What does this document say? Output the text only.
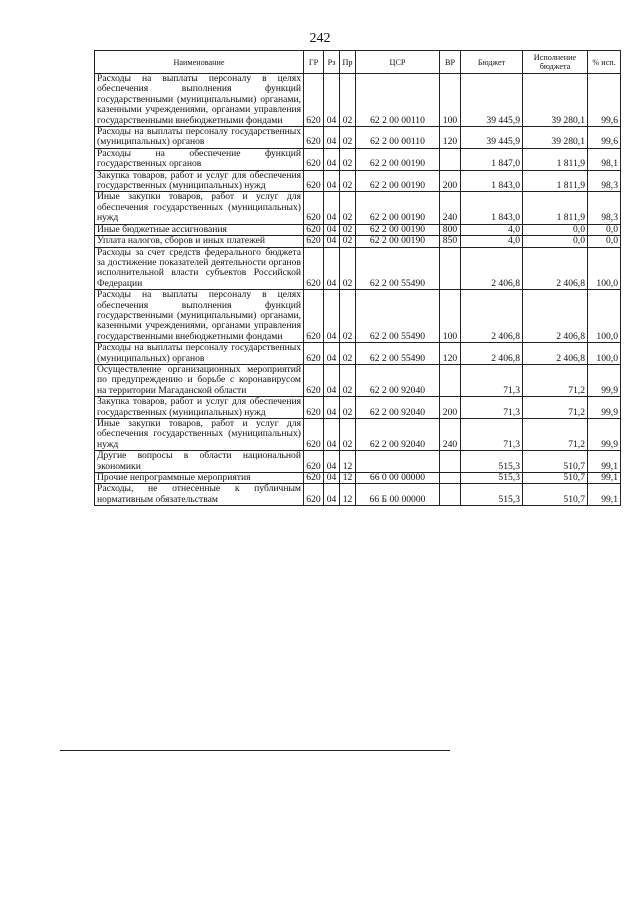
242
Наименование	ГР	Рз	Пр	ЦСР	ВР	Бюджет	Исполнение бюджета	% исп.
Расходы на выплаты персоналу в целях обеспечения выполнения функций государственными (муниципальными) органами, казенными учреждениями, органами управления государственными внебюджетными фондами	620	04	02	62 2 00 00110	100	39 445,9	39 280,1	99,6
Расходы на выплаты персоналу государственных (муниципальных) органов	620	04	02	62 2 00 00110	120	39 445,9	39 280,1	99,6
Расходы на обеспечение функций государственных органов	620	04	02	62 2 00 00190		1 847,0	1 811,9	98,1
Закупка товаров, работ и услуг для обеспечения государственных (муниципальных) нужд	620	04	02	62 2 00 00190	200	1 843,0	1 811,9	98,3
Иные закупки товаров, работ и услуг для обеспечения государственных (муниципальных) нужд	620	04	02	62 2 00 00190	240	1 843,0	1 811,9	98,3
Иные бюджетные ассигнования	620	04	02	62 2 00 00190	800	4,0	0,0	0,0
Уплата налогов, сборов и иных платежей	620	04	02	62 2 00 00190	850	4,0	0,0	0,0
Расходы за счет средств федерального бюджета за достижение показателей деятельности органов исполнительной власти субъектов Российской Федерации	620	04	02	62 2 00 55490		2 406,8	2 406,8	100,0
Расходы на выплаты персоналу в целях обеспечения выполнения функций государственными (муниципальными) органами, казенными учреждениями, органами управления государственными внебюджетными фондами	620	04	02	62 2 00 55490	100	2 406,8	2 406,8	100,0
Расходы на выплаты персоналу государственных (муниципальных) органов	620	04	02	62 2 00 55490	120	2 406,8	2 406,8	100,0
Осуществление организационных мероприятий по предупреждению и борьбе с коронавирусом на территории Магаданской области	620	04	02	62 2 00 92040		71,3	71,2	99,9
Закупка товаров, работ и услуг для обеспечения государственных (муниципальных) нужд	620	04	02	62 2 00 92040	200	71,3	71,2	99,9
Иные закупки товаров, работ и услуг для обеспечения государственных (муниципальных) нужд	620	04	02	62 2 00 92040	240	71,3	71,2	99,9
Другие вопросы в области национальной экономики	620	04	12			515,3	510,7	99,1
Прочие непрограммные мероприятия	620	04	12	66 0 00 00000		515,3	510,7	99,1
Расходы, не отнесенные к публичным нормативным обязательствам	620	04	12	66 Б 00 00000		515,3	510,7	99,1
